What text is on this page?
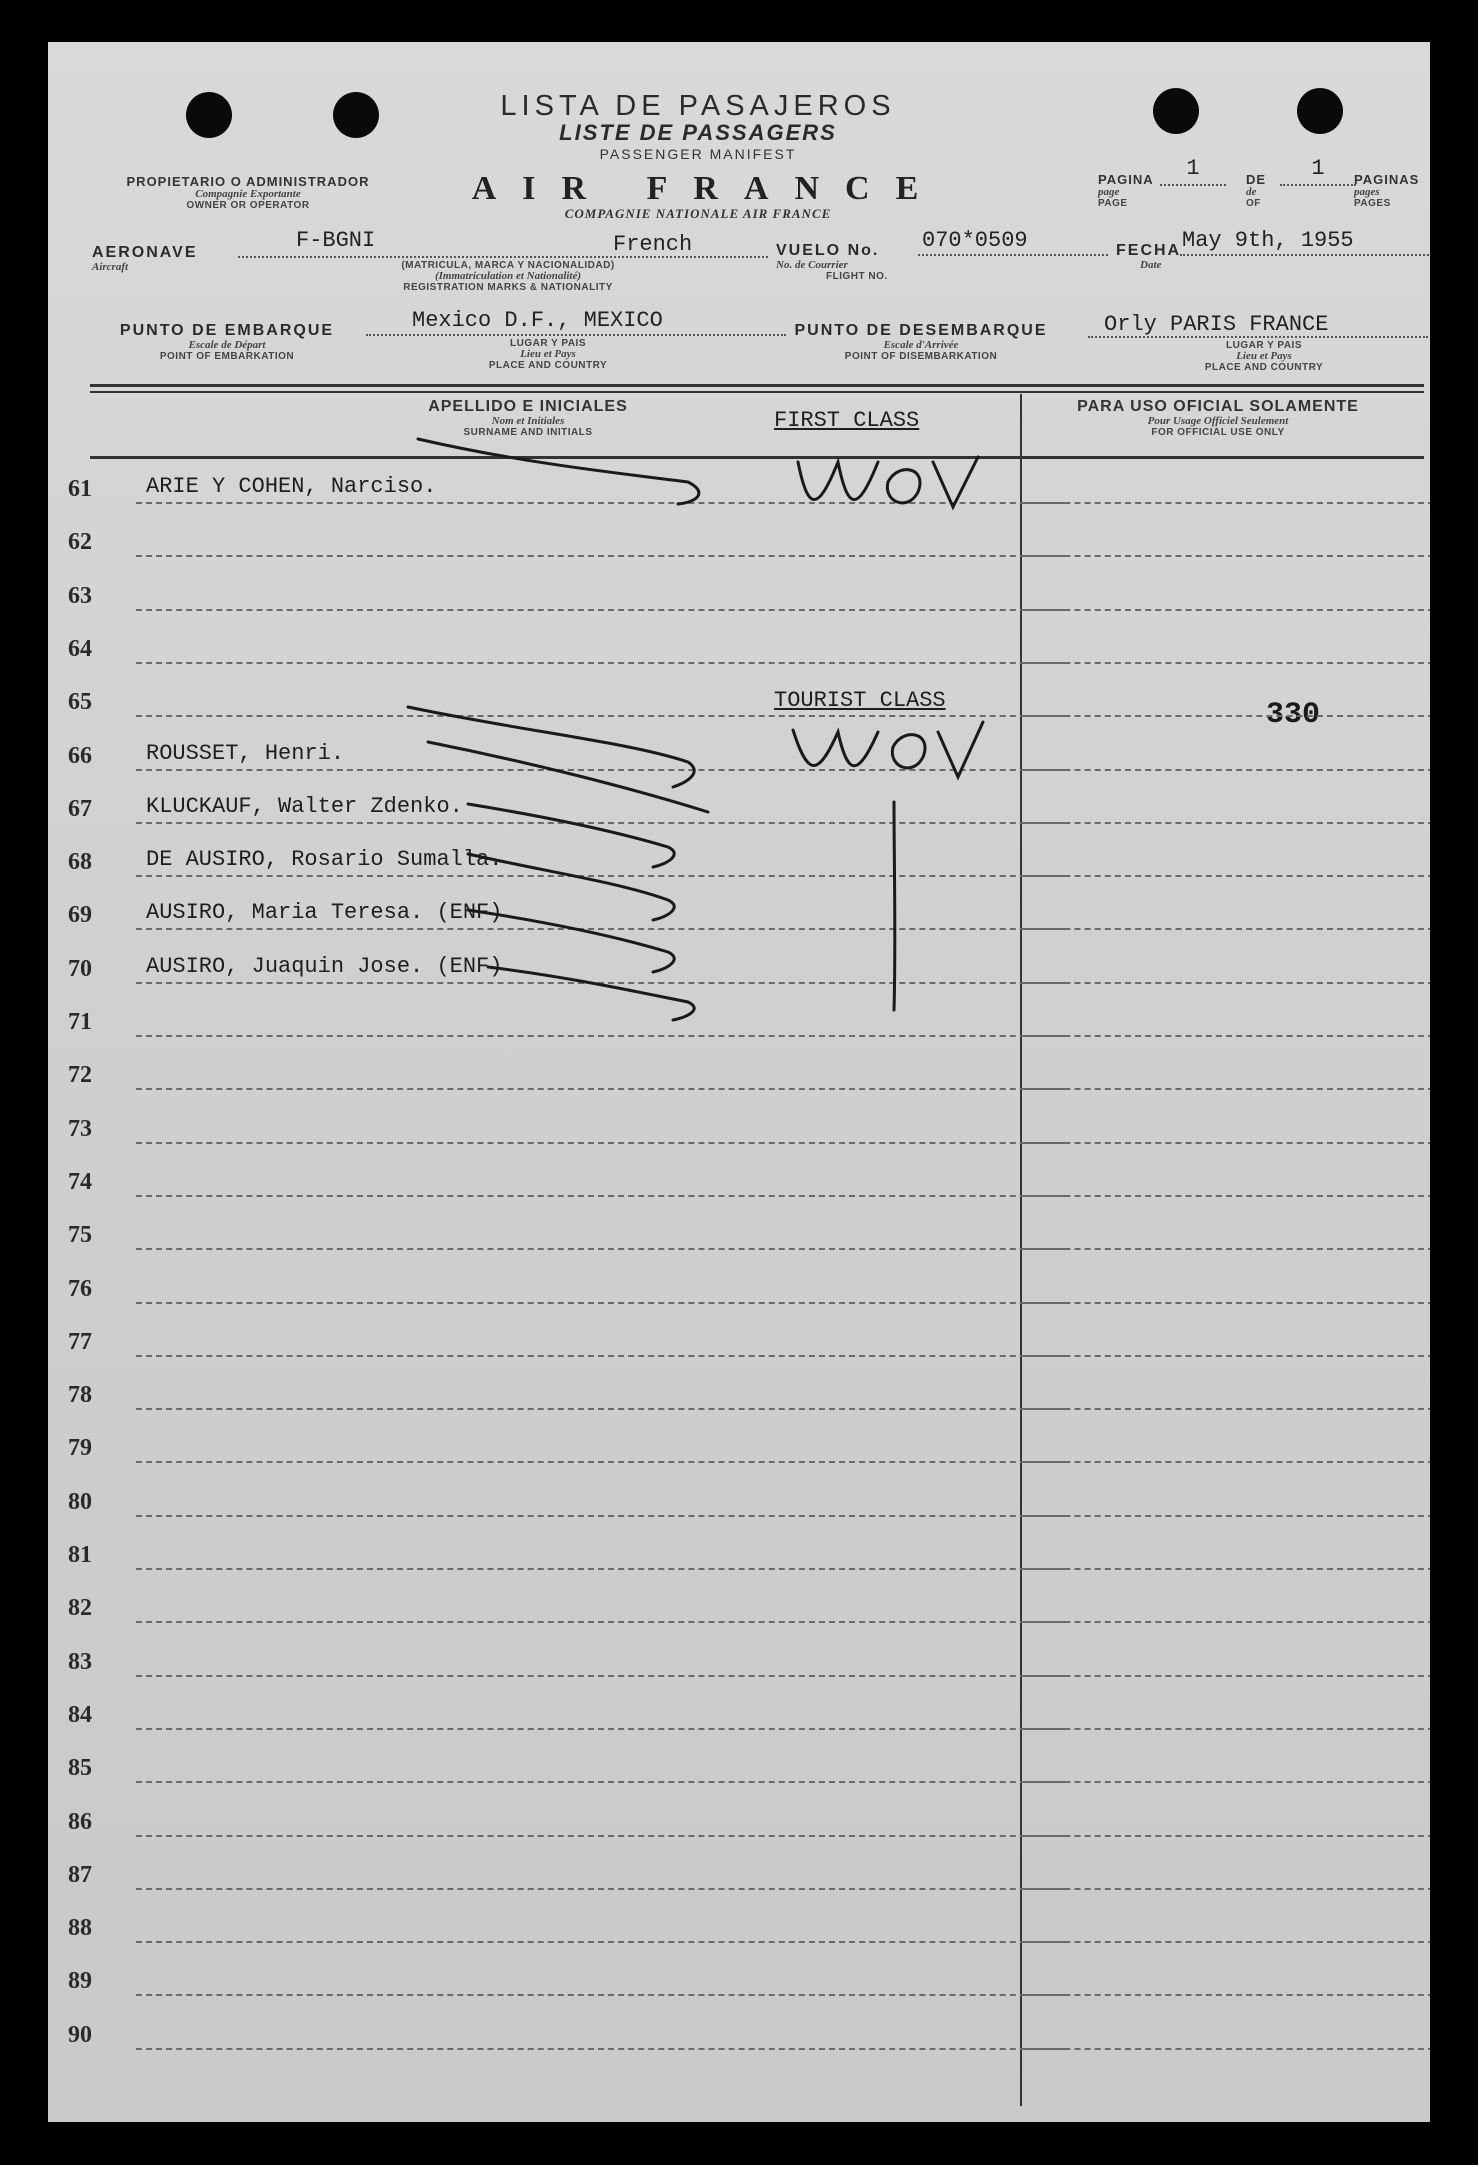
LISTA DE PASAJEROS
LISTE DE PASSAGERS
PASSENGER MANIFEST
AIR FRANCE
COMPAGNIE NATIONALE AIR FRANCE
PROPIETARIO O ADMINISTRADOR
Compagnie Exportante
OWNER OR OPERATOR
PAGINA
page
PAGE
1	DE
de
OF
1	PAGINAS
pages
PAGES
AERONAVE
Aircraft
F-BGNI	French
(MATRICULA, MARCA Y NACIONALIDAD)
(Immatriculation et Nationalité)
REGISTRATION MARKS & NATIONALITY
VUELO No.
No. de Courrier
FLIGHT NO.
070*0509	FECHA
Date
May 9th, 1955
PUNTO DE EMBARQUE
Escale de Départ
POINT OF EMBARKATION
Mexico D.F., MEXICO
LUGAR Y PAIS
Lieu et Pays
PLACE AND COUNTRY
PUNTO DE DESEMBARQUE
Escale d'Arrivée
POINT OF DISEMBARKATION
Orly PARIS FRANCE
LUGAR Y PAIS
Lieu et Pays
PLACE AND COUNTRY
APELLIDO E INICIALES
Nom et Initiales
SURNAME AND INITIALS	FIRST CLASS
PARA USO OFICIAL SOLAMENTE
Pour Usage Officiel Seulement
FOR OFFICIAL USE ONLY
TOURIST CLASS	330
61	ARIE Y COHEN, Narciso.
62
63
64
65
66	ROUSSET, Henri.
67	KLUCKAUF, Walter Zdenko.
68	DE AUSIRO, Rosario Sumalla.
69	AUSIRO, Maria Teresa. (ENF)
70	AUSIRO, Juaquin Jose. (ENF)
71
72
73
74
75
76
77
78
79
80
81
82
83
84
85
86
87
88
89
90
